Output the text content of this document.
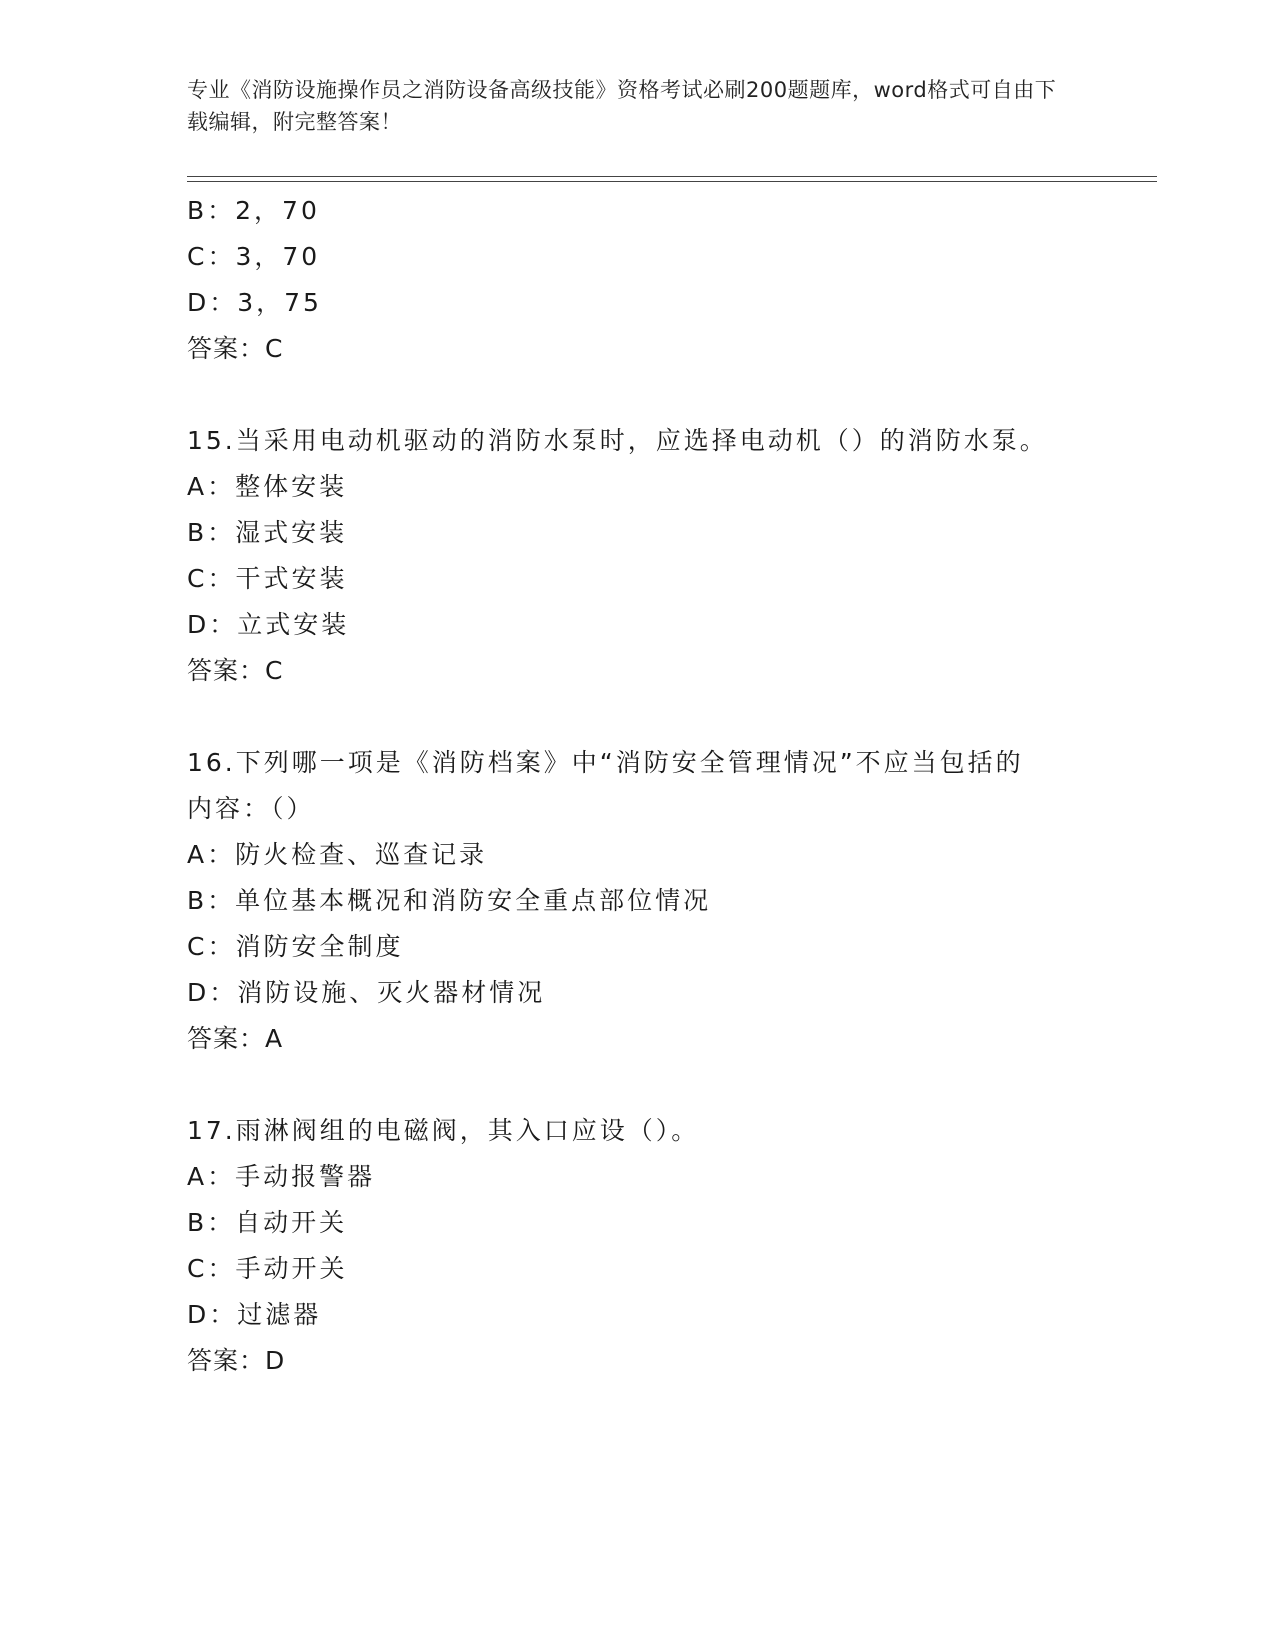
专业《消防设施操作员之消防设备高级技能》资格考试必刷200题题库，word格式可自由下载编辑，附完整答案！
B：2，70
C：3，70
D：3，75
答案：C
15.当采用电动机驱动的消防水泵时，应选择电动机（）的消防水泵。
A：整体安装
B：湿式安装
C：干式安装
D：立式安装
答案：C
16.下列哪一项是《消防档案》中“消防安全管理情况”不应当包括的
内容：（）
A：防火检查、巡查记录
B：单位基本概况和消防安全重点部位情况
C：消防安全制度
D：消防设施、灭火器材情况
答案：A
17.雨淋阀组的电磁阀，其入口应设（）。
A：手动报警器
B：自动开关
C：手动开关
D：过滤器
答案：D
